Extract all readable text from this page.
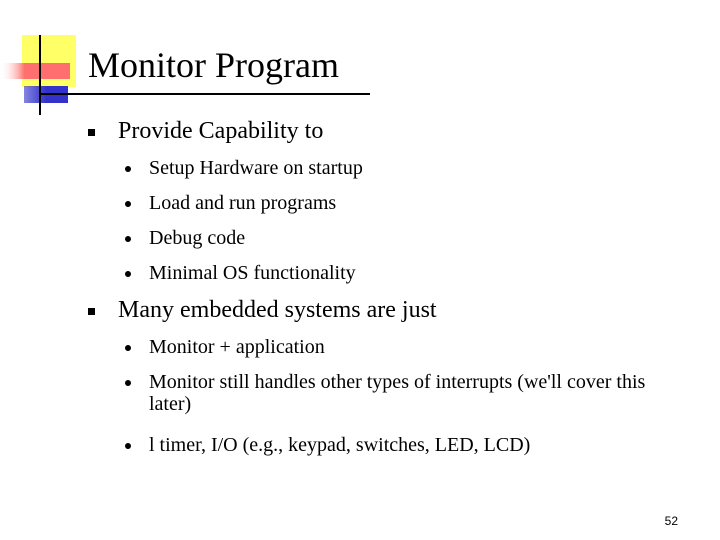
Monitor Program
Provide Capability to
Setup Hardware on startup
Load and run programs
Debug code
Minimal OS functionality
Many embedded systems are just
Monitor + application
Monitor still handles other types of interrupts (we'll cover this later)
l timer, I/O (e.g., keypad, switches, LED, LCD)
52
